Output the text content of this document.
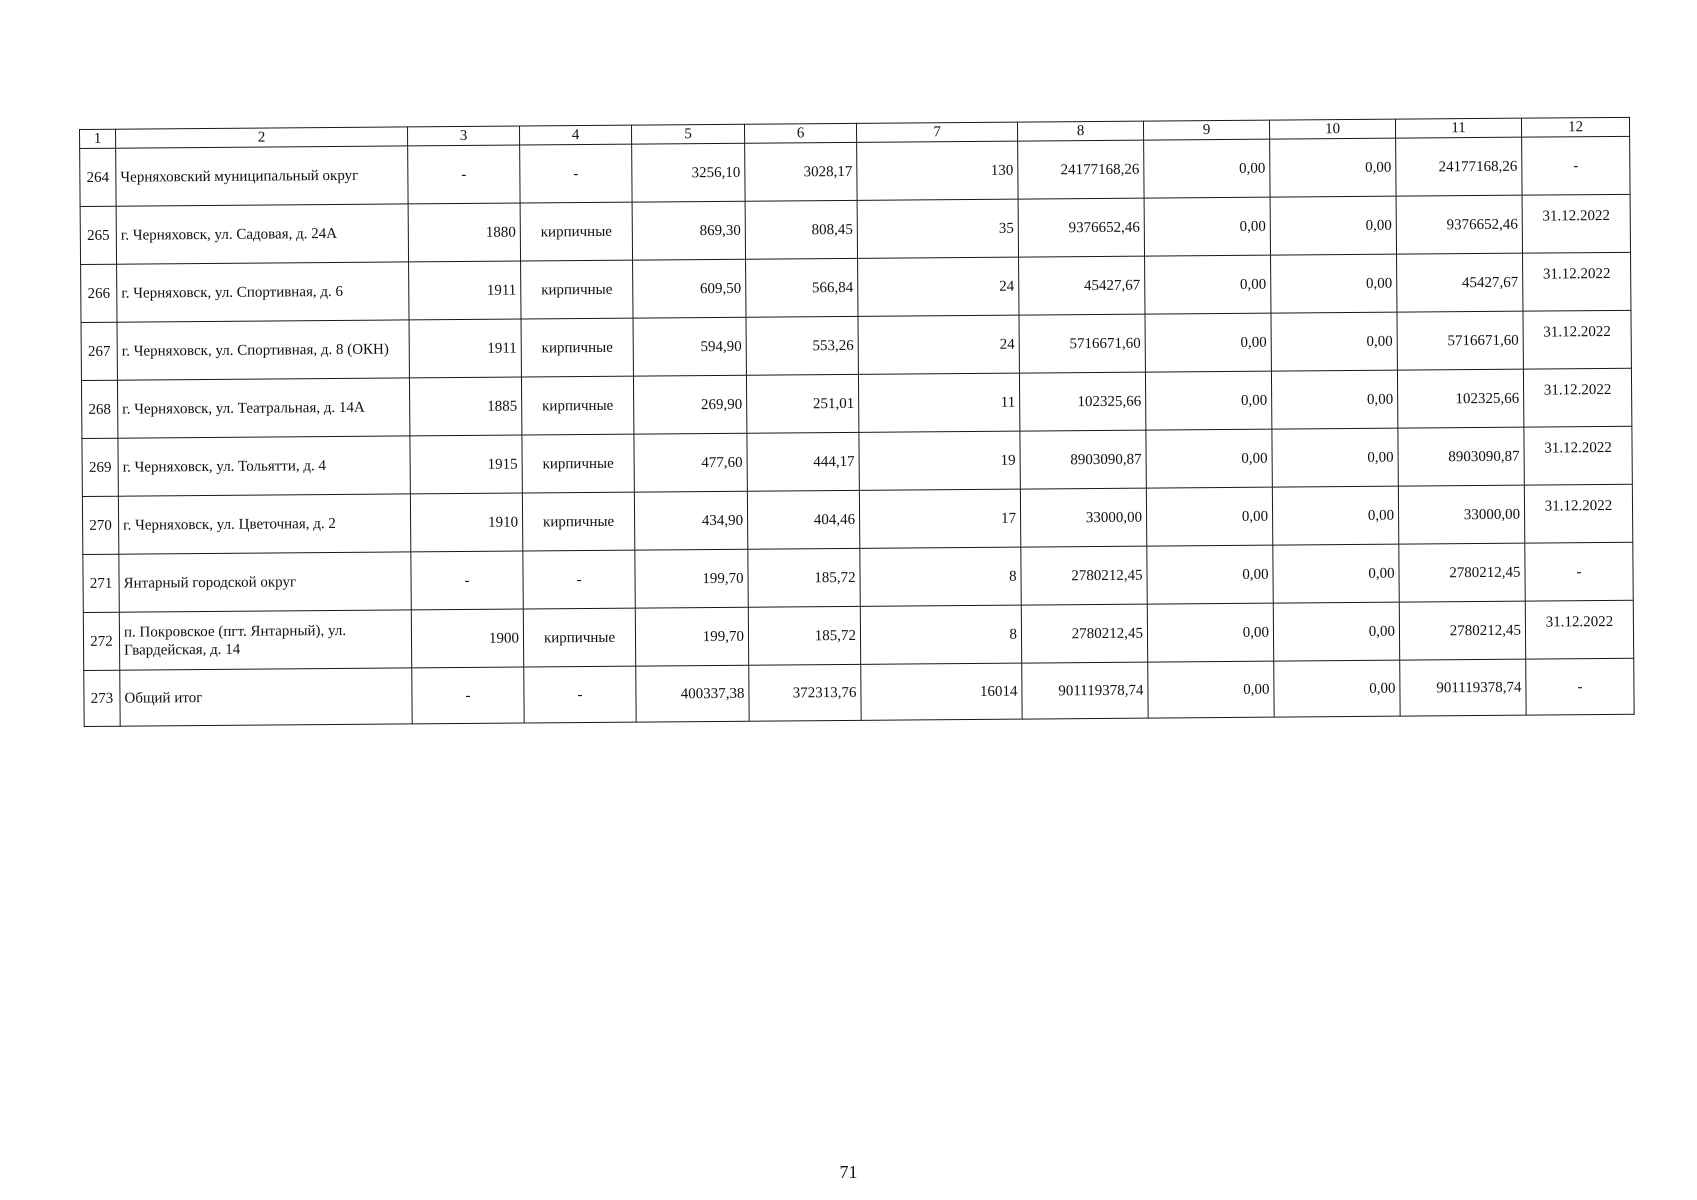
1	2	3	4	5	6	7	8	9	10	11	12
264	Черняховский муниципальный округ	-	-	3256,10	3028,17	130	24177168,26	0,00	0,00	24177168,26	-
265	г. Черняховск, ул. Садовая, д. 24А	1880	кирпичные	869,30	808,45	35	9376652,46	0,00	0,00	9376652,46	31.12.2022
266	г. Черняховск, ул. Спортивная, д. 6	1911	кирпичные	609,50	566,84	24	45427,67	0,00	0,00	45427,67	31.12.2022
267	г. Черняховск, ул. Спортивная, д. 8 (ОКН)	1911	кирпичные	594,90	553,26	24	5716671,60	0,00	0,00	5716671,60	31.12.2022
268	г. Черняховск, ул. Театральная, д. 14А	1885	кирпичные	269,90	251,01	11	102325,66	0,00	0,00	102325,66	31.12.2022
269	г. Черняховск, ул. Тольятти, д. 4	1915	кирпичные	477,60	444,17	19	8903090,87	0,00	0,00	8903090,87	31.12.2022
270	г. Черняховск, ул. Цветочная, д. 2	1910	кирпичные	434,90	404,46	17	33000,00	0,00	0,00	33000,00	31.12.2022
271	Янтарный городской округ	-	-	199,70	185,72	8	2780212,45	0,00	0,00	2780212,45	-
272	п. Покровское (пгт. Янтарный), ул. Гвардейская, д. 14	1900	кирпичные	199,70	185,72	8	2780212,45	0,00	0,00	2780212,45	31.12.2022
273	Общий итог	-	-	400337,38	372313,76	16014	901119378,74	0,00	0,00	901119378,74	-
71
